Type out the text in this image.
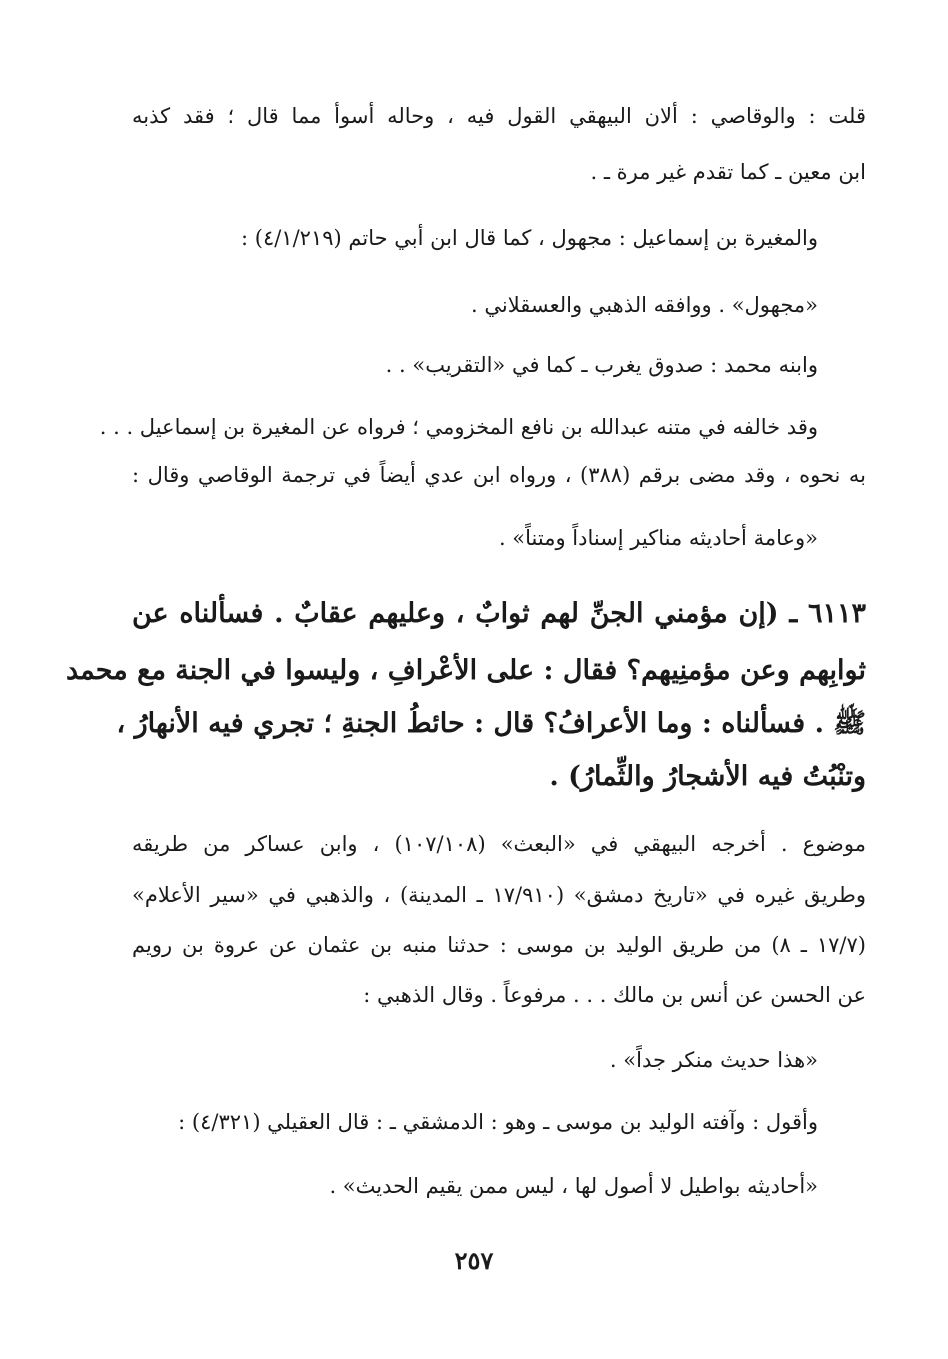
قلت : والوقاصي : ألان البيهقي القول فيه ، وحاله أسوأ مما قال ؛ فقد كذبه
ابن معين ـ كما تقدم غير مرة ـ .
والمغيرة بن إسماعيل : مجهول ، كما قال ابن أبي حاتم (٤/١/٢١٩) :
«مجهول» . ووافقه الذهبي والعسقلاني .
وابنه محمد : صدوق يغرب ـ كما في «التقريب» . .
وقد خالفه في متنه عبدالله بن نافع المخزومي ؛ فرواه عن المغيرة بن إسماعيل . . .
به نحوه ، وقد مضى برقم (٣٨٨) ، ورواه ابن عدي أيضاً في ترجمة الوقاصي وقال :
«وعامة أحاديثه مناكير إسناداً ومتناً» .
٦١١٣ ـ (إن مؤمني الجنِّ لهم ثوابٌ ، وعليهم عقابٌ . فسألناه عن
ثوابِهم وعن مؤمنِيهم؟ فقال : على الأعْرافِ ، وليسوا في الجنة مع محمد
ﷺ . فسألناه : وما الأعرافُ؟ قال : حائطُ الجنةِ ؛ تجري فيه الأنهارُ ،
وتنْبُتُ فيه الأشجارُ والثِّمارُ) .
موضوع . أخرجه البيهقي في «البعث» (١٠٧/١٠٨) ، وابن عساكر من طريقه
وطريق غيره في «تاريخ دمشق» (١٧/٩١٠ ـ المدينة) ، والذهبي في «سير الأعلام»
(١٧/٧ ـ ٨) من طريق الوليد بن موسى : حدثنا منبه بن عثمان عن عروة بن رويم
عن الحسن عن أنس بن مالك . . . مرفوعاً . وقال الذهبي :
«هذا حديث منكر جداً» .
وأقول : وآفته الوليد بن موسى ـ وهو : الدمشقي ـ : قال العقيلي (٤/٣٢١) :
«أحاديثه بواطيل لا أصول لها ، ليس ممن يقيم الحديث» .
٢٥٧
